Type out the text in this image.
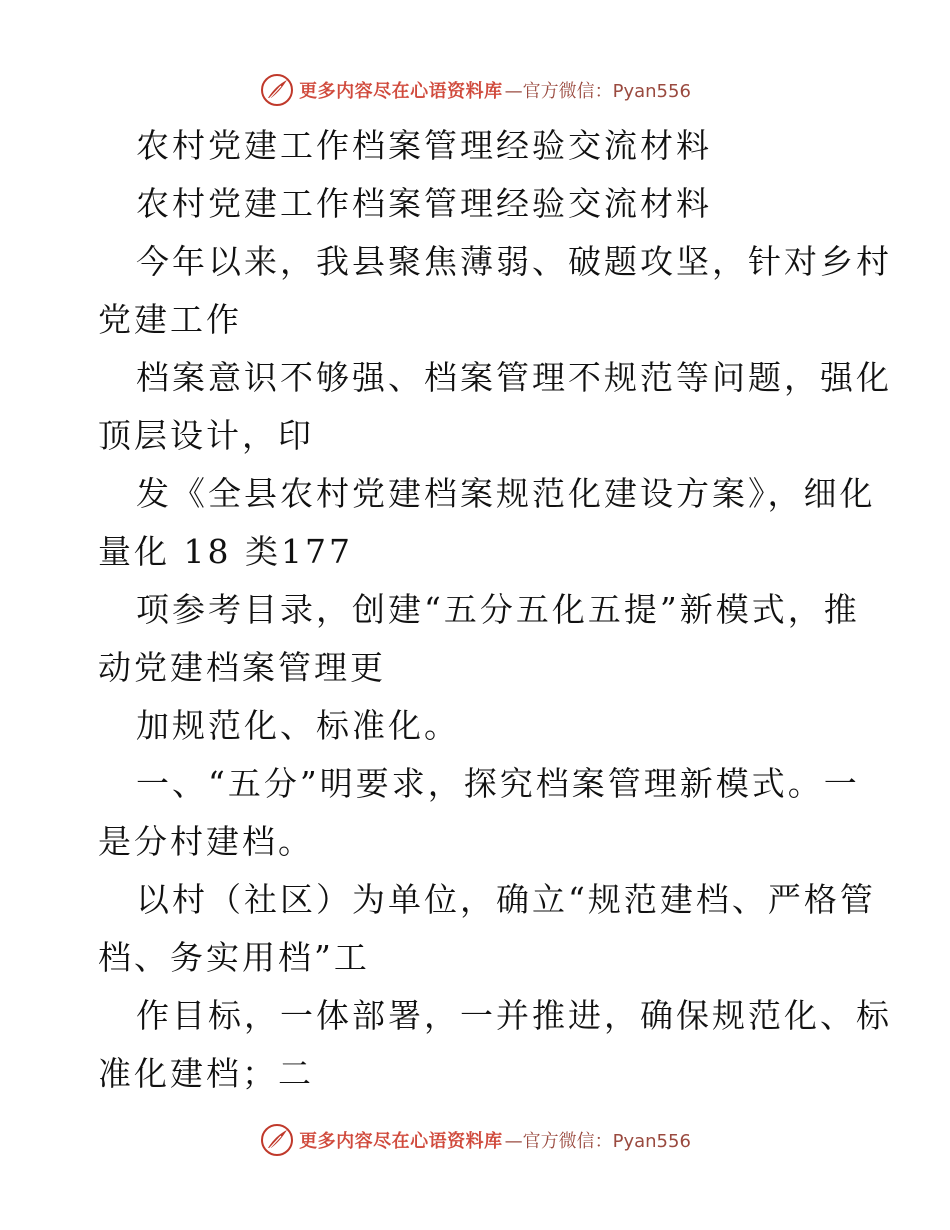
更多内容尽在心语资料库 —官方微信：Pyan556
农村党建工作档案管理经验交流材料
农村党建工作档案管理经验交流材料
今年以来，我县聚焦薄弱、破题攻坚，针对乡村
党建工作
档案意识不够强、档案管理不规范等问题，强化
顶层设计，印
发《全县农村党建档案规范化建设方案》，细化
量化 18 类177
项参考目录，创建“五分五化五提”新模式，推
动党建档案管理更
加规范化、标准化。
一、“五分”明要求，探究档案管理新模式。一
是分村建档。
以村（社区）为单位，确立“规范建档、严格管
档、务实用档”工
作目标，一体部署，一并推进，确保规范化、标
准化建档；二
更多内容尽在心语资料库 —官方微信：Pyan556
